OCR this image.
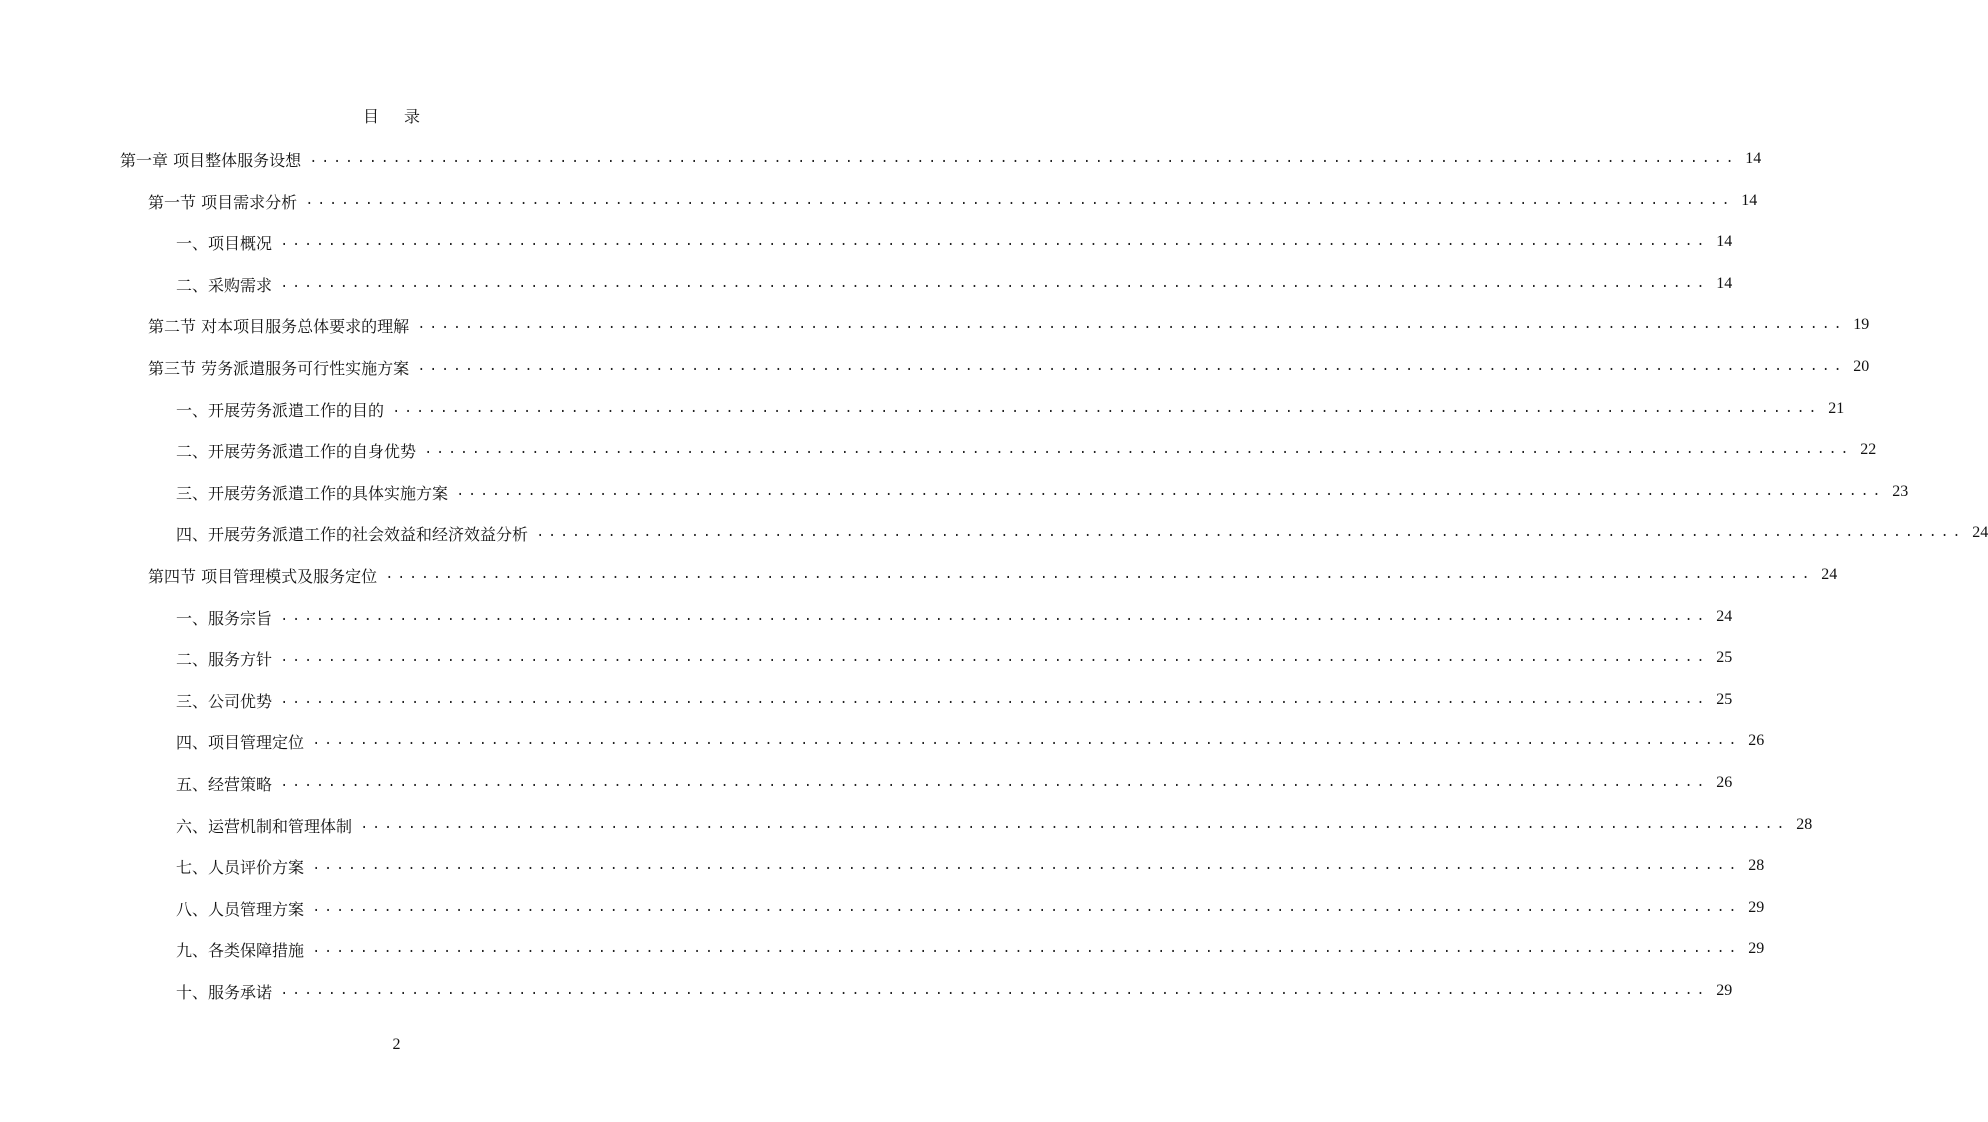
目 录
第一章 项目整体服务设想 ........................................................................................................................ 14
第一节 项目需求分析 ........................................................................................................................ 14
一、项目概况 ........................................................................................................................ 14
二、采购需求 ........................................................................................................................ 14
第二节 对本项目服务总体要求的理解 ........................................................................................................................ 19
第三节 劳务派遣服务可行性实施方案 ........................................................................................................................ 20
一、开展劳务派遣工作的目的 ........................................................................................................................ 21
二、开展劳务派遣工作的自身优势 ........................................................................................................................ 22
三、开展劳务派遣工作的具体实施方案 ........................................................................................................................ 23
四、开展劳务派遣工作的社会效益和经济效益分析 ........................................................................................................................ 24
第四节 项目管理模式及服务定位 ........................................................................................................................ 24
一、服务宗旨 ........................................................................................................................ 24
二、服务方针 ........................................................................................................................ 25
三、公司优势 ........................................................................................................................ 25
四、项目管理定位 ........................................................................................................................ 26
五、经营策略 ........................................................................................................................ 26
六、运营机制和管理体制 ........................................................................................................................ 28
七、人员评价方案 ........................................................................................................................ 28
八、人员管理方案 ........................................................................................................................ 29
九、各类保障措施 ........................................................................................................................ 29
十、服务承诺 ........................................................................................................................ 29
2
